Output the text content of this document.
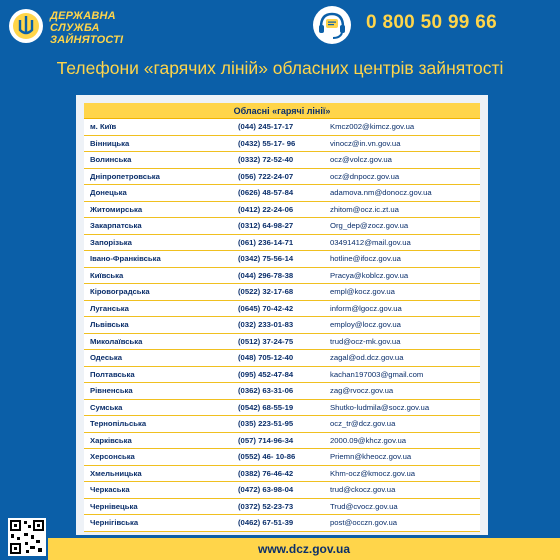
ДЕРЖАВНА
СЛУЖБА
ЗАЙНЯТОСТІ
0 800 50 99 66
Телефони «гарячих ліній» обласних центрів зайнятості
Обласні «гарячі лінії»		
м. Київ	(044) 245-17-17	Kmcz002@kimcz.gov.ua
Вінницька	(0432) 55-17- 96	vinocz@in.vn.gov.ua
Волинська	(0332) 72-52-40	ocz@volcz.gov.ua
Дніпропетровська	(056) 722-24-07	ocz@dnpocz.gov.ua
Донецька	(0626) 48-57-84	adamova.nm@donocz.gov.ua
Житомирська	(0412) 22-24-06	zhitom@ocz.ic.zt.ua
Закарпатська	(0312) 64-98-27	Org_dep@zocz.gov.ua
Запорізька	(061) 236-14-71	03491412@mail.gov.ua
Івано-Франківська	(0342) 75-56-14	hotline@ifocz.gov.ua
Київська	(044) 296-78-38	Pracya@koblcz.gov.ua
Кіровоградська	(0522) 32-17-68	empl@kocz.gov.ua
Луганська	(0645) 70-42-42	inform@lgocz.gov.ua
Львівська	(032) 233-01-83	employ@locz.gov.ua
Миколаївська	(0512) 37-24-75	trud@ocz-mk.gov.ua
Одеська	(048) 705-12-40	zagal@od.dcz.gov.ua
Полтавська	(095) 452-47-84	kachan197003@gmail.com
Рівненська	(0362) 63-31-06	zag@rvocz.gov.ua
Сумська	(0542) 68-55-19	Shutko-ludmila@socz.gov.ua
Тернопільська	(035) 223-51-95	ocz_tr@dcz.gov.ua
Харківська	(057) 714-96-34	2000.09@khcz.gov.ua
Херсонська	(0552) 46- 10-86	Priemn@kheocz.gov.ua
Хмельницька	(0382) 76-46-42	Khm-ocz@kmocz.gov.ua
Черкаська	(0472) 63-98-04	trud@ckocz.gov.ua
Чернівецька	(0372) 52-23-73	Trud@cvocz.gov.ua
Чернігівська	(0462) 67-51-39	post@occzn.gov.ua
www.dcz.gov.ua
